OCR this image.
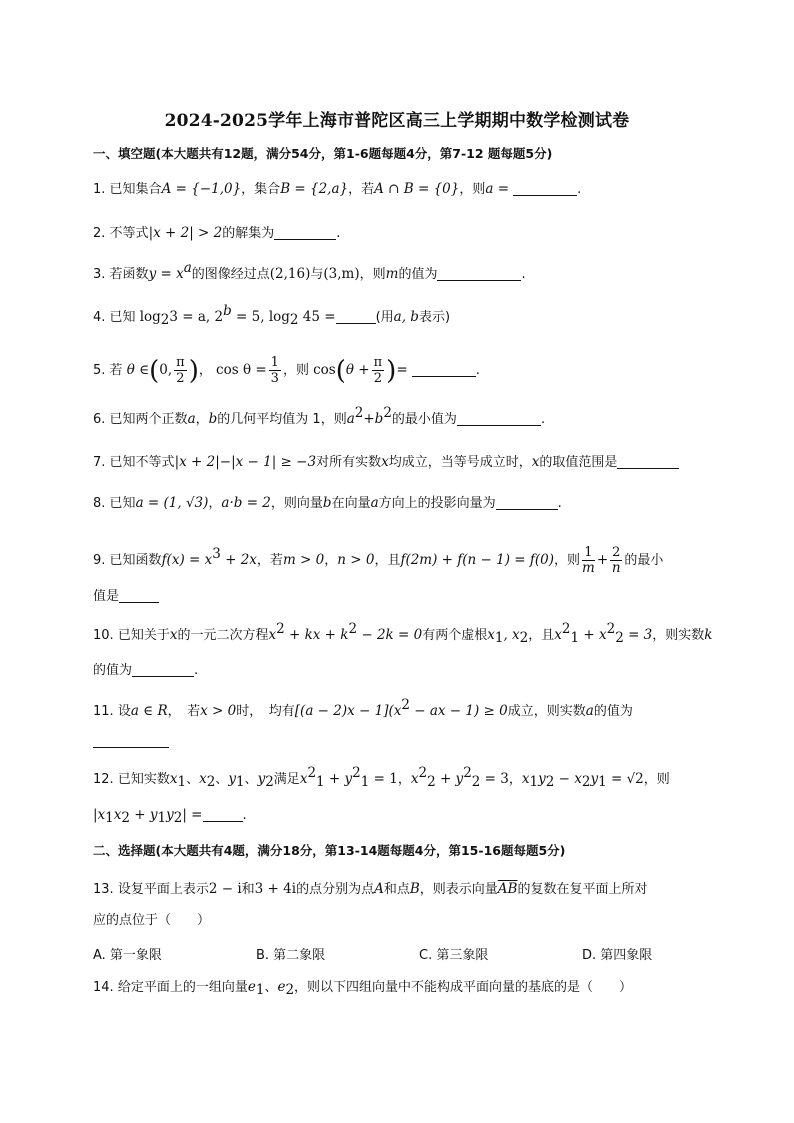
2024-2025学年上海市普陀区高三上学期期中数学检测试卷
一、填空题(本大题共有12题，满分54分，第1-6题每题4分，第7-12 题每题5分)
1. 已知集合A = {−1,0}，集合B = {2,a}，若A ∩ B = {0}，则a =	.
2. 不等式|x + 2| > 2的解集为	.
3. 若函数$y = x^a$的图像经过点(2,16)与(3,m)，则m的值为	.
4. 已知 $\log_23 = a$, $2^b = 5$, $\log_2 45$ =	(用a, b表示)
5. 若 θ ∈(0, $\frac{\pi}{2}$ )， $\cos \theta = \frac{1}{3}$ ，则 $\cos(\theta + \frac{\pi}{2}$ )=	.
6. 已知两个正数a，b的几何平均值为 1，则$a^2+b^2$的最小值为	.
7. 已知不等式|x + 2|−|x − 1| ≥ −3对所有实数x均成立，当等号成立时，x的取值范围是
8. 已知a = (1, √3)，a·b = 2，则向量b在向量a方向上的投影向量为	.
9. 已知函数$f(x) = x^3 + 2x$，若m > 0，n > 0，且f(2m) + f(n − 1) = f(0)，则 $\frac{1}{m} + \frac{2}{n}$ 的最小
值是
10. 已知关于x的一元二次方程$x^2$ + kx + $k^2 - 2k = 0$有两个虚根$x_1$, $x_2$，且$x^2_1 + x^2_2 = 3$，则实数k
的值为	.
11. 设a ∈ R，　若x > 0时，　均有$[(a - 2)x - 1](x^2$ − ax − 1) ≥ 0成立，则实数a的值为
12. 已知实数$x_1$、$x_2$、$y_1$、$y_2$满足$x^2_1 + y^2_1 = 1$，$x^2_2 + y^2_2 = 3$，$x_1y_2 - x_2y_1 = √2$，则
$|x_1x_2 + y_1y_2|$ =	.
二、选择题(本大题共有4题，满分18分，第13-14题每题4分，第15-16题每题5分)
13. 设复平面上表示2 − i和3 + 4i的点分别为点A和点B，则表示向量$\overline{AB}$的复数在复平面上所对
应的点位于（　　）
A. 第一象限	B. 第二象限	C. 第三象限	D. 第四象限
14. 给定平面上的一组向量$e_1$、$e_2$，则以下四组向量中不能构成平面向量的基底的是（　　）
